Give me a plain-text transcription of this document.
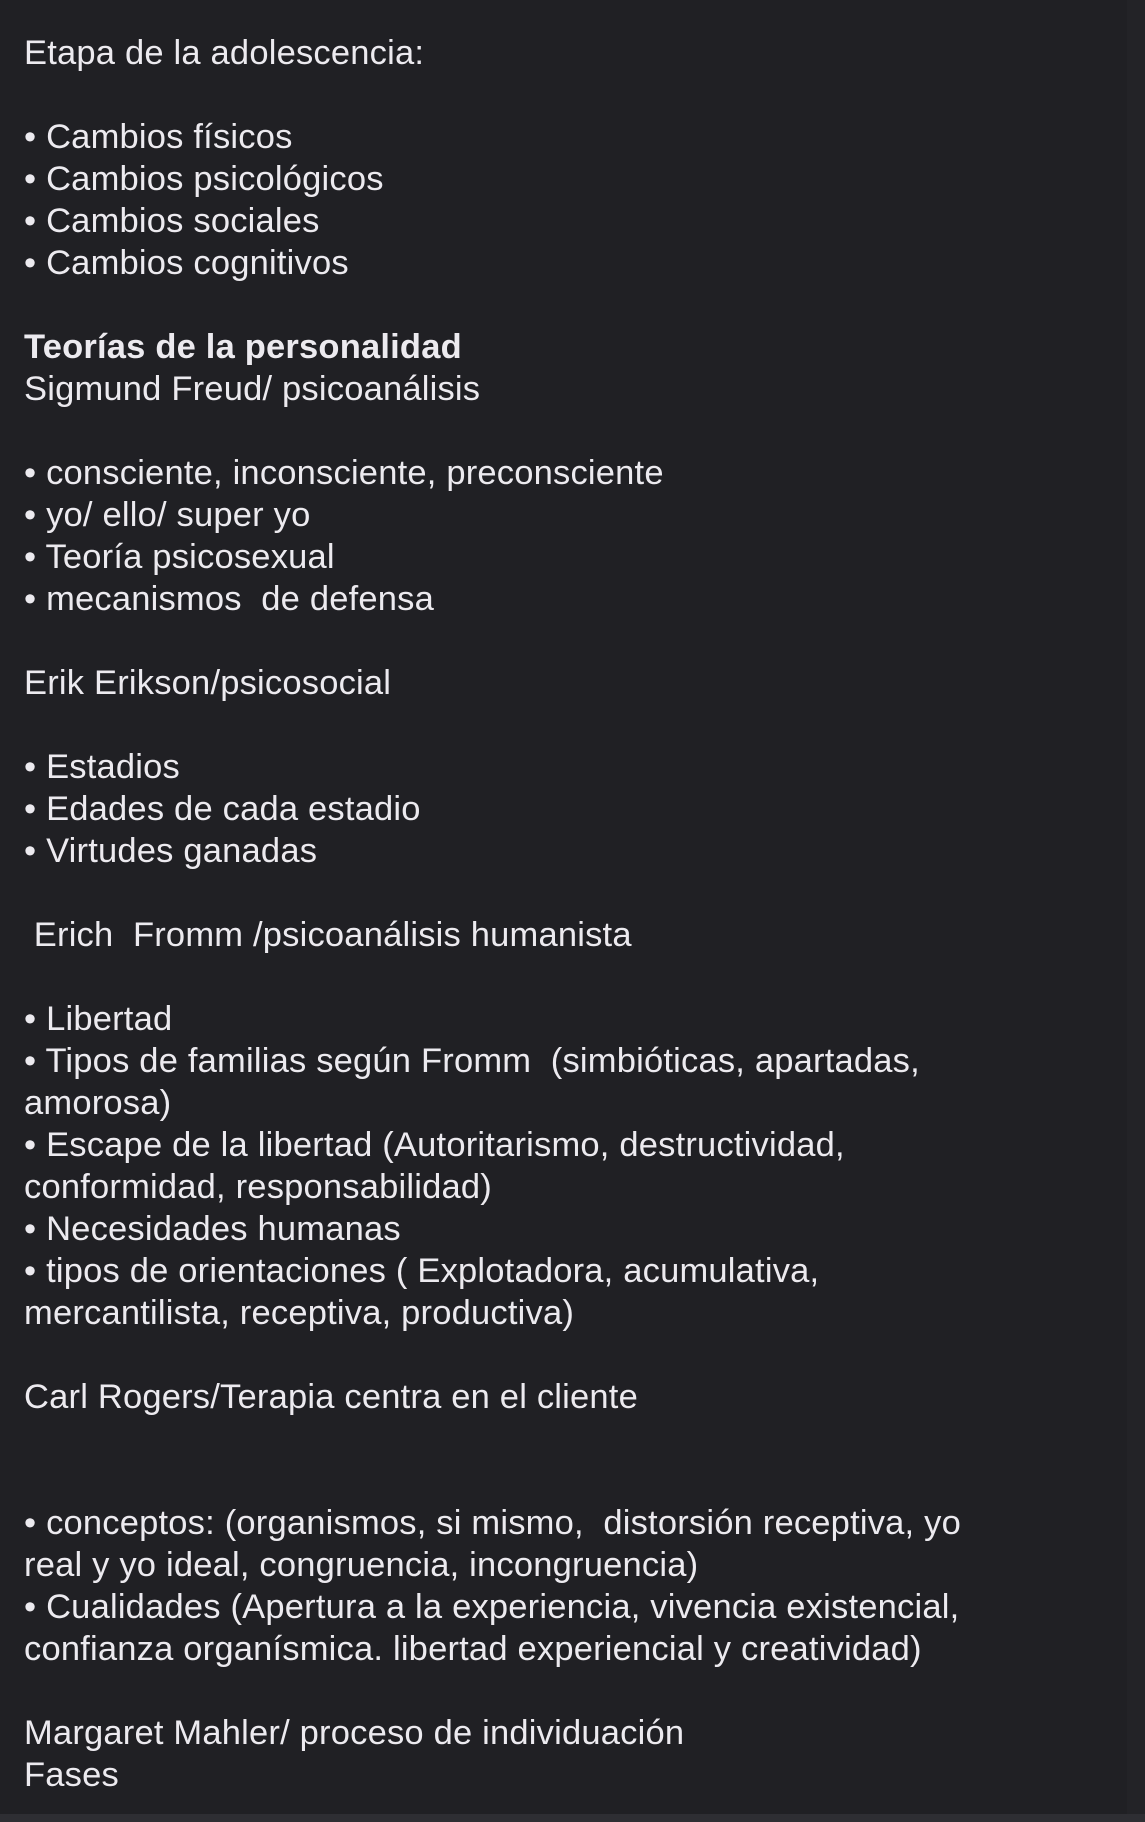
Etapa de la adolescencia:
• Cambios físicos
• Cambios psicológicos
• Cambios sociales
• Cambios cognitivos
Teorías de la personalidad
Sigmund Freud/ psicoanálisis
• consciente, inconsciente, preconsciente
• yo/ ello/ super yo
• Teoría psicosexual
• mecanismos  de defensa
Erik Erikson/psicosocial
• Estadios
• Edades de cada estadio
• Virtudes ganadas
Erich  Fromm /psicoanálisis humanista
• Libertad
• Tipos de familias según Fromm  (simbióticas, apartadas,
amorosa)
• Escape de la libertad (Autoritarismo, destructividad,
conformidad, responsabilidad)
• Necesidades humanas
• tipos de orientaciones ( Explotadora, acumulativa,
mercantilista, receptiva, productiva)
Carl Rogers/Terapia centra en el cliente
• conceptos: (organismos, si mismo,  distorsión receptiva, yo
real y yo ideal, congruencia, incongruencia)
• Cualidades (Apertura a la experiencia, vivencia existencial,
confianza organísmica. libertad experiencial y creatividad)
Margaret Mahler/ proceso de individuación
Fases
